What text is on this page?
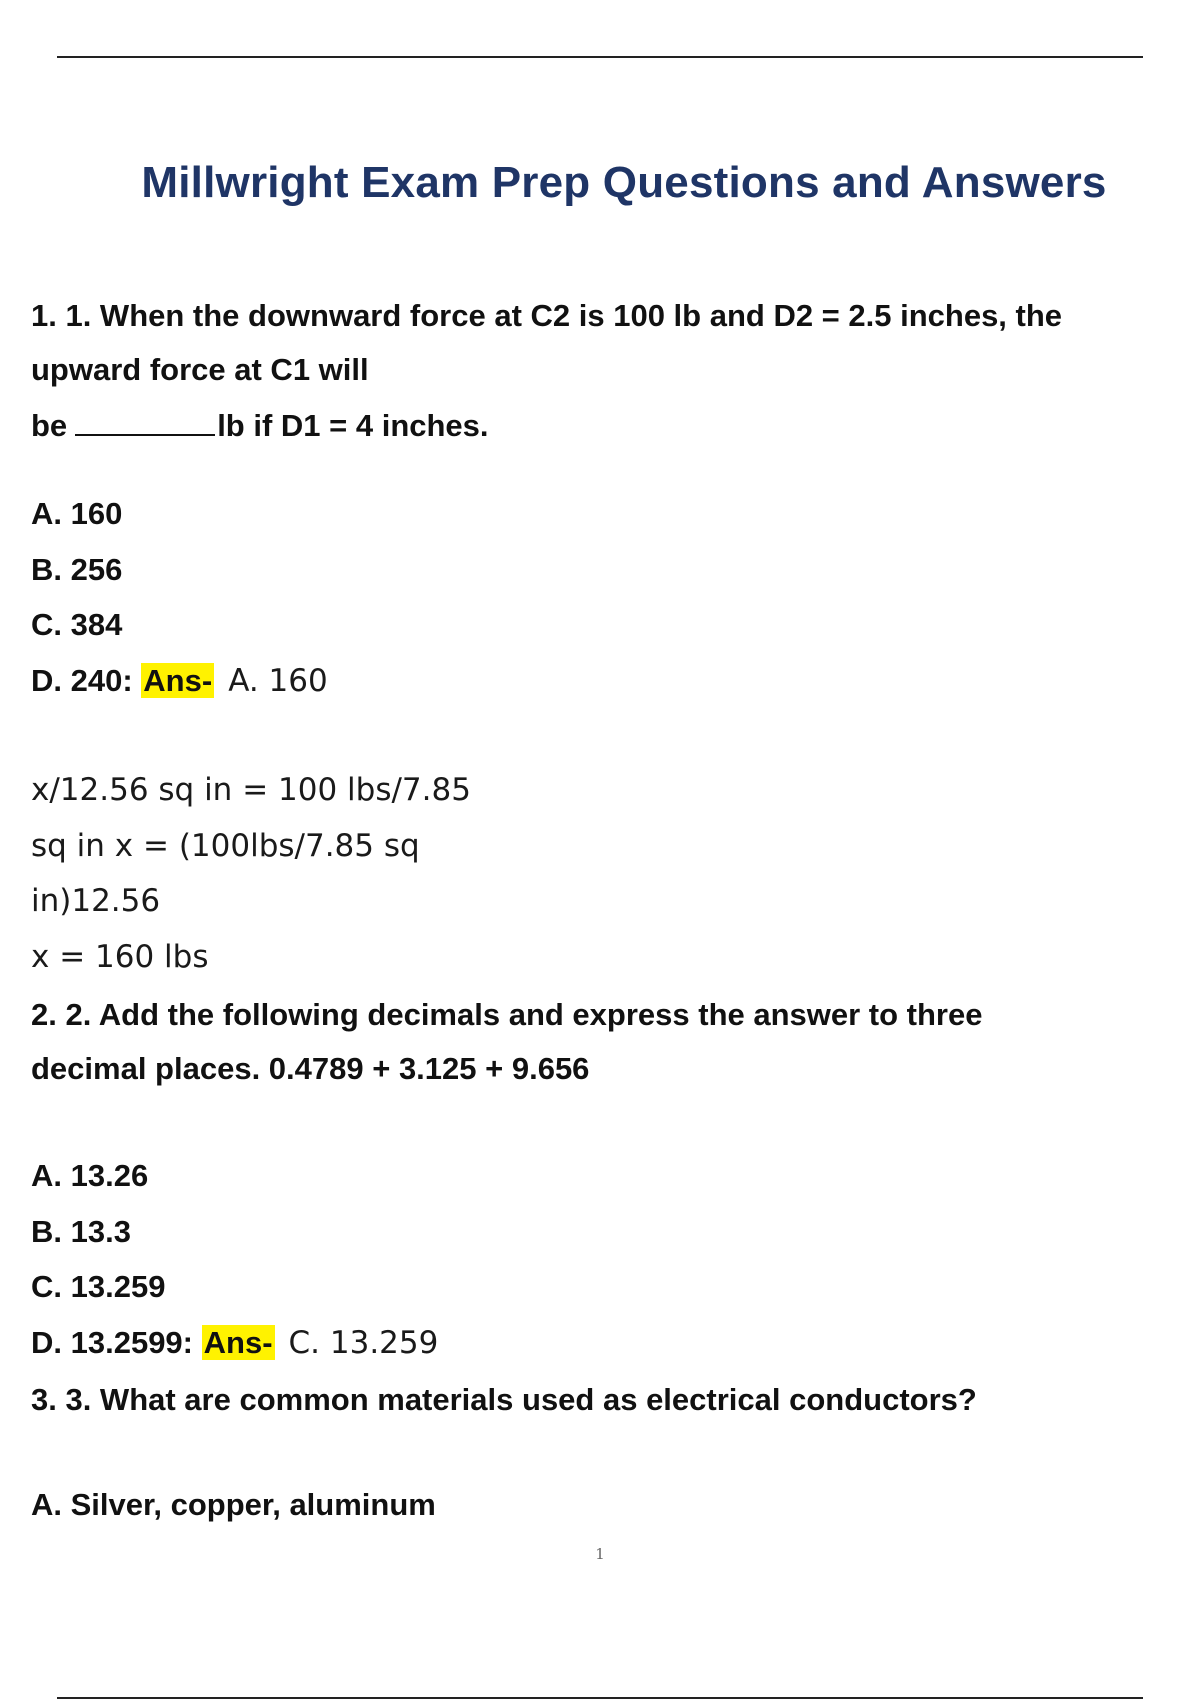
Millwright Exam Prep Questions and Answers
1. 1. When the downward force at C2 is 100 lb and D2 = 2.5 inches, the
upward force at C1 will
be	lb if D1 = 4 inches.
A. 160
B. 256
C. 384
D. 240: Ans- A. 160
x/12.56 sq in = 100 lbs/7.85
sq in x = (100lbs/7.85 sq
in)12.56
x = 160 lbs
2. 2. Add the following decimals and express the answer to three
decimal places. 0.4789 + 3.125 + 9.656
A. 13.26
B. 13.3
C. 13.259
D. 13.2599: Ans- C. 13.259
3. 3. What are common materials used as electrical conductors?
A. Silver, copper, aluminum
1
